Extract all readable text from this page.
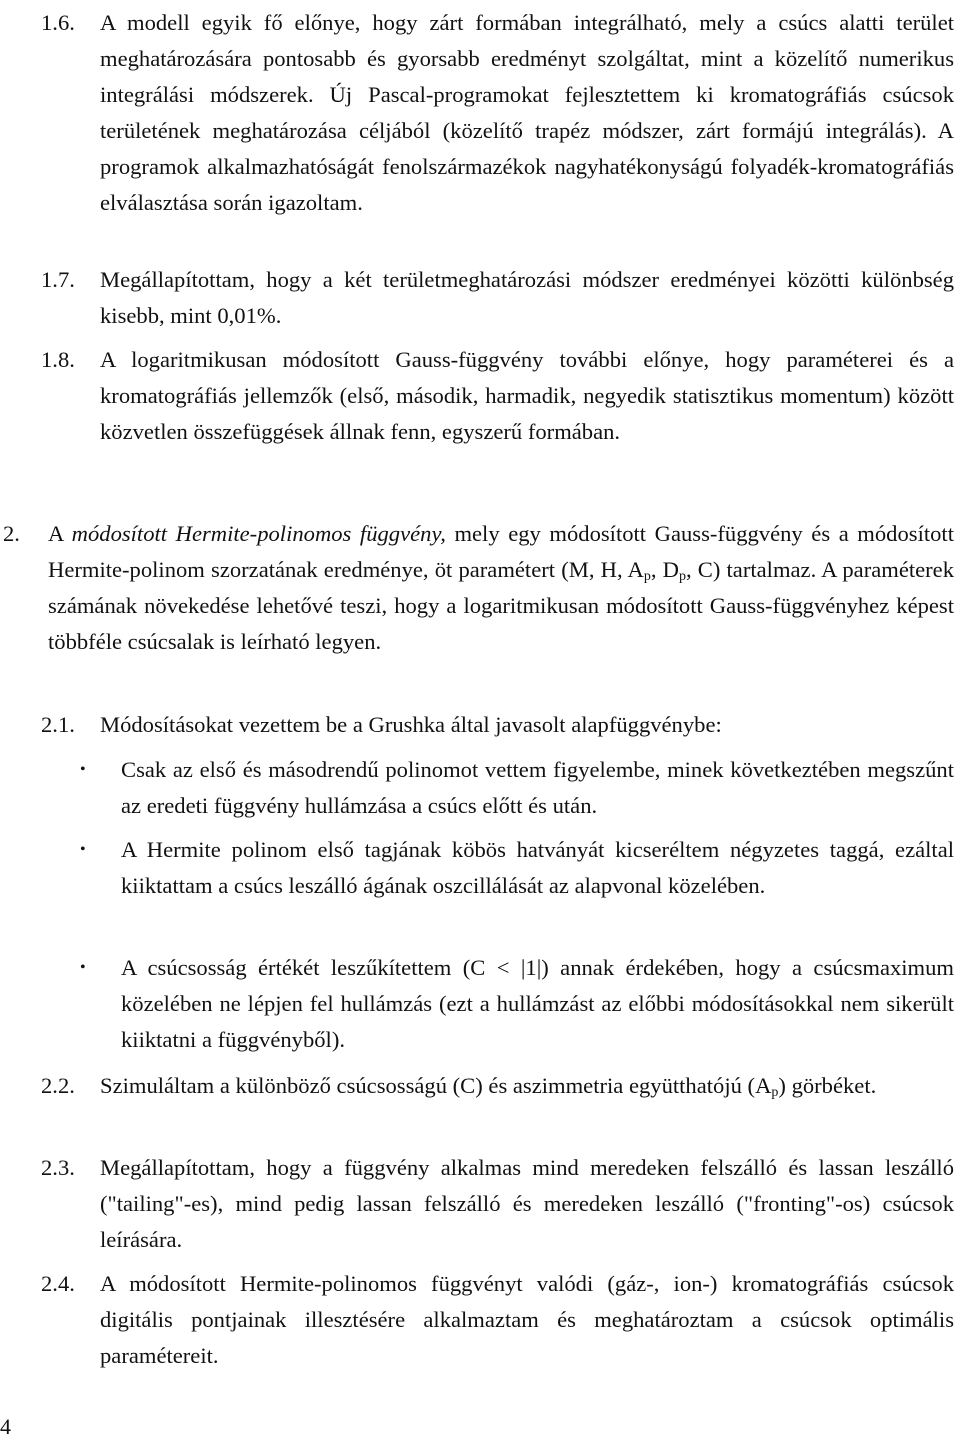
1.6. A modell egyik fő előnye, hogy zárt formában integrálható, mely a csúcs alatti terület meghatározására pontosabb és gyorsabb eredményt szolgáltat, mint a közelítő numerikus integrálási módszerek. Új Pascal-programokat fejlesztettem ki kromatográfiás csúcsok területének meghatározása céljából (közelítő trapéz módszer, zárt formájú integrálás). A programok alkalmazhatóságát fenolszármazékok nagyhatékonyságú folyadék-kromatográfiás elválasztása során igazoltam.
1.7. Megállapítottam, hogy a két területmeghatározási módszer eredményei közötti különbség kisebb, mint 0,01%.
1.8. A logaritmikusan módosított Gauss-függvény további előnye, hogy paraméterei és a kromatográfiás jellemzők (első, második, harmadik, negyedik statisztikus momentum) között közvetlen összefüggések állnak fenn, egyszerű formában.
2. A módosított Hermite-polinomos függvény, mely egy módosított Gauss-függvény és a módosított Hermite-polinom szorzatának eredménye, öt paramétert (M, H, $A_p$, $D_p$, C) tartalmaz. A paraméterek számának növekedése lehetővé teszi, hogy a logaritmikusan módosított Gauss-függvényhez képest többféle csúcsalak is leírható legyen.
2.1. Módosításokat vezettem be a Grushka által javasolt alapfüggvénybe:
• Csak az első és másodrendű polinomot vettem figyelembe, minek következtében megszűnt az eredeti függvény hullámzása a csúcs előtt és után.
• A Hermite polinom első tagjának köbös hatványát kicseréltem négyzetes taggá, ezáltal kiiktattam a csúcs leszálló ágának oszcillálását az alapvonal közelében.
• A csúcsosság értékét leszűkítettem (C < |1|) annak érdekében, hogy a csúcsmaximum közelében ne lépjen fel hullámzás (ezt a hullámzást az előbbi módosításokkal nem sikerült kiiktatni a függvényből).
2.2. Szimuláltam a különböző csúcsosságú (C) és aszimmetria együtthatójú $(A_p)$ görbéket.
2.3. Megállapítottam, hogy a függvény alkalmas mind meredeken felszálló és lassan leszálló ("tailing"-es), mind pedig lassan felszálló és meredeken leszálló ("fronting"-os) csúcsok leírására.
2.4. A módosított Hermite-polinomos függvényt valódi (gáz-, ion-) kromatográfiás csúcsok digitális pontjainak illesztésére alkalmaztam és meghatároztam a csúcsok optimális paramétereit.
4
